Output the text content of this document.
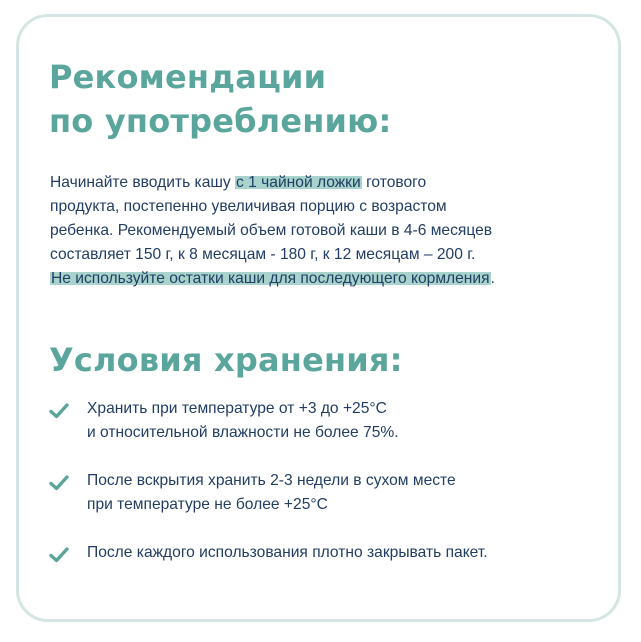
Рекомендации
по употреблению:
Начинайте вводить кашу с 1 чайной ложки готового
продукта, постепенно увеличивая порцию с возрастом
ребенка. Рекомендуемый объем готовой каши в 4-6 месяцев
составляет 150 г, к 8 месяцам - 180 г, к 12 месяцам – 200 г.
Не используйте остатки каши для последующего кормления.
Условия хранения:
Хранить при температуре от +3 до +25°С
и относительной влажности не более 75%.
После вскрытия хранить 2-3 недели в сухом месте
при температуре не более +25°С
После каждого использования плотно закрывать пакет.
